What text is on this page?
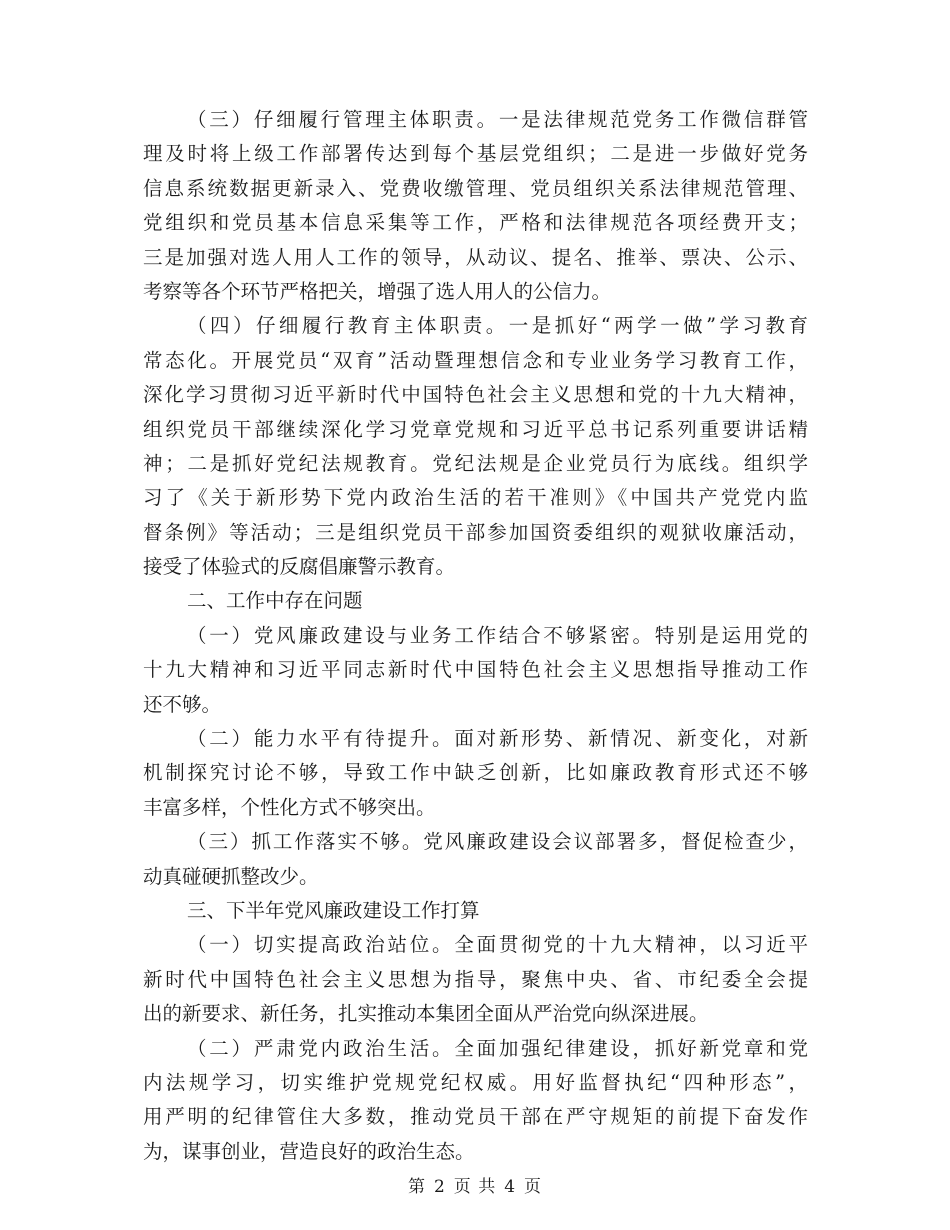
（三）仔细履行管理主体职责。一是法律规范党务工作微信群管
理及时将上级工作部署传达到每个基层党组织；二是进一步做好党务
信息系统数据更新录入、党费收缴管理、党员组织关系法律规范管理、
党组织和党员基本信息采集等工作，严格和法律规范各项经费开支；
三是加强对选人用人工作的领导，从动议、提名、推举、票决、公示、
考察等各个环节严格把关，增强了选人用人的公信力。
（四）仔细履行教育主体职责。一是抓好“两学一做”学习教育
常态化。开展党员“双育”活动暨理想信念和专业业务学习教育工作，
深化学习贯彻习近平新时代中国特色社会主义思想和党的十九大精神，
组织党员干部继续深化学习党章党规和习近平总书记系列重要讲话精
神；二是抓好党纪法规教育。党纪法规是企业党员行为底线。组织学
习了《关于新形势下党内政治生活的若干准则》《中国共产党党内监
督条例》等活动；三是组织党员干部参加国资委组织的观狱收廉活动，
接受了体验式的反腐倡廉警示教育。
二、工作中存在问题
（一）党风廉政建设与业务工作结合不够紧密。特别是运用党的
十九大精神和习近平同志新时代中国特色社会主义思想指导推动工作
还不够。
（二）能力水平有待提升。面对新形势、新情况、新变化，对新
机制探究讨论不够，导致工作中缺乏创新，比如廉政教育形式还不够
丰富多样，个性化方式不够突出。
（三）抓工作落实不够。党风廉政建设会议部署多，督促检查少，
动真碰硬抓整改少。
三、下半年党风廉政建设工作打算
（一）切实提高政治站位。全面贯彻党的十九大精神，以习近平
新时代中国特色社会主义思想为指导，聚焦中央、省、市纪委全会提
出的新要求、新任务，扎实推动本集团全面从严治党向纵深进展。
（二）严肃党内政治生活。全面加强纪律建设，抓好新党章和党
内法规学习，切实维护党规党纪权威。用好监督执纪“四种形态”，
用严明的纪律管住大多数，推动党员干部在严守规矩的前提下奋发作
为，谋事创业，营造良好的政治生态。
第 2 页 共 4 页
